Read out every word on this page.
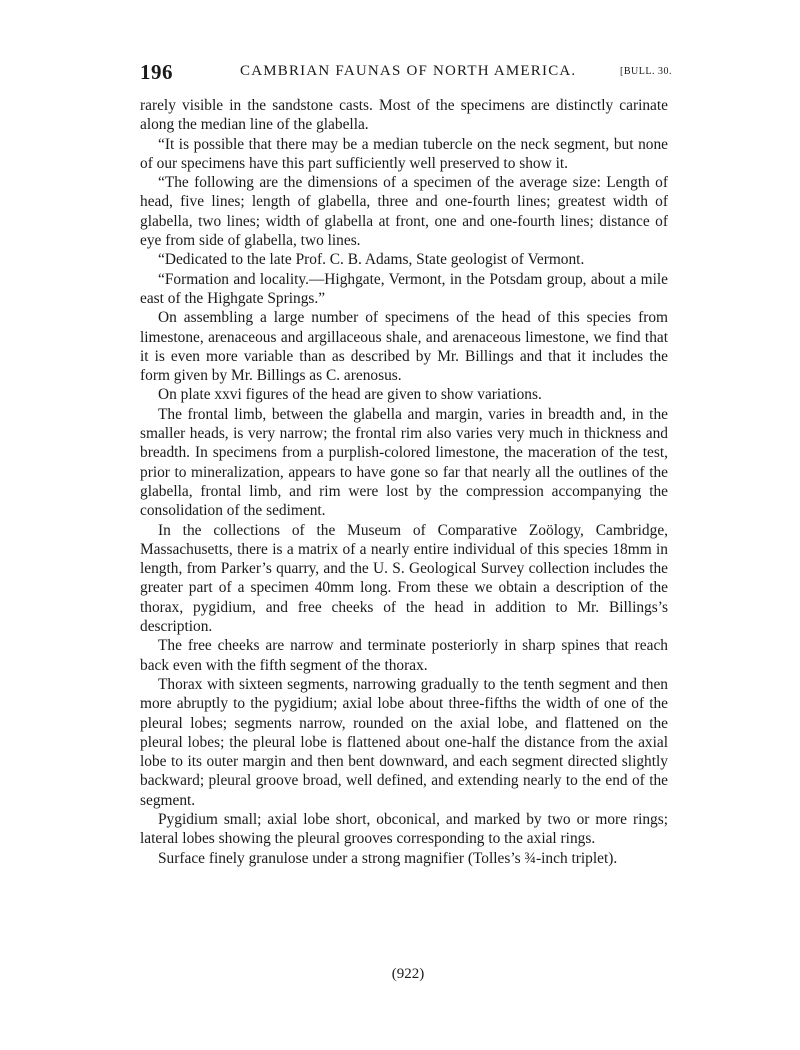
196	CAMBRIAN FAUNAS OF NORTH AMERICA.	[BULL. 30.

rarely visible in the sandstone casts. Most of the specimens are distinctly carinate along the median line of the glabella.

“It is possible that there may be a median tubercle on the neck segment, but none of our specimens have this part sufficiently well preserved to show it.

“The following are the dimensions of a specimen of the average size: Length of head, five lines; length of glabella, three and one-fourth lines; greatest width of glabella, two lines; width of glabella at front, one and one-fourth lines; distance of eye from side of glabella, two lines.

“Dedicated to the late Prof. C. B. Adams, State geologist of Vermont.

“Formation and locality.—Highgate, Vermont, in the Potsdam group, about a mile east of the Highgate Springs.”

On assembling a large number of specimens of the head of this species from limestone, arenaceous and argillaceous shale, and arenaceous limestone, we find that it is even more variable than as described by Mr. Billings and that it includes the form given by Mr. Billings as C. arenosus.

On plate xxvi figures of the head are given to show variations.

The frontal limb, between the glabella and margin, varies in breadth and, in the smaller heads, is very narrow; the frontal rim also varies very much in thickness and breadth. In specimens from a purplish-colored limestone, the maceration of the test, prior to mineralization, appears to have gone so far that nearly all the outlines of the glabella, frontal limb, and rim were lost by the compression accompanying the consolidation of the sediment.

In the collections of the Museum of Comparative Zoölogy, Cambridge, Massachusetts, there is a matrix of a nearly entire individual of this species 18mm in length, from Parker’s quarry, and the U. S. Geological Survey collection includes the greater part of a specimen 40mm long. From these we obtain a description of the thorax, pygidium, and free cheeks of the head in addition to Mr. Billings’s description.

The free cheeks are narrow and terminate posteriorly in sharp spines that reach back even with the fifth segment of the thorax.

Thorax with sixteen segments, narrowing gradually to the tenth segment and then more abruptly to the pygidium; axial lobe about three-fifths the width of one of the pleural lobes; segments narrow, rounded on the axial lobe, and flattened on the pleural lobes; the pleural lobe is flattened about one-half the distance from the axial lobe to its outer margin and then bent downward, and each segment directed slightly backward; pleural groove broad, well defined, and extending nearly to the end of the segment.

Pygidium small; axial lobe short, obconical, and marked by two or more rings; lateral lobes showing the pleural grooves corresponding to the axial rings.

Surface finely granulose under a strong magnifier (Tolles’s ¾-inch triplet).

(922)
